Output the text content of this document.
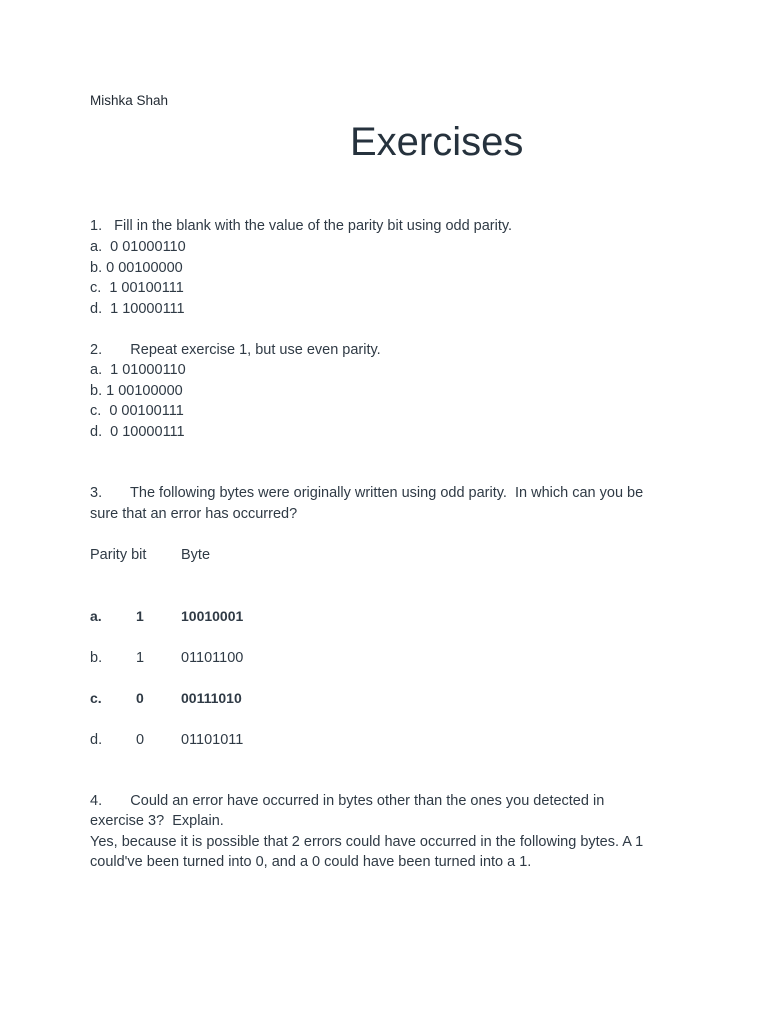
Mishka Shah
Exercises
1.   Fill in the blank with the value of the parity bit using odd parity.
a.  0 01000110
b. 0 00100000
c.  1 00100111
d.  1 10000111
2.       Repeat exercise 1, but use even parity.
a.  1 01000110
b. 1 00100000
c.  0 00100111
d.  0 10000111
3.       The following bytes were originally written using odd parity.  In which can you be
sure that an error has occurred?
Parity bit Byte
a. 1	10010001
b. 1	01101100
c. 0	00111010
d. 0	01101011
4.       Could an error have occurred in bytes other than the ones you detected in
exercise 3?  Explain.
Yes, because it is possible that 2 errors could have occurred in the following bytes. A 1
could've been turned into 0, and a 0 could have been turned into a 1.
